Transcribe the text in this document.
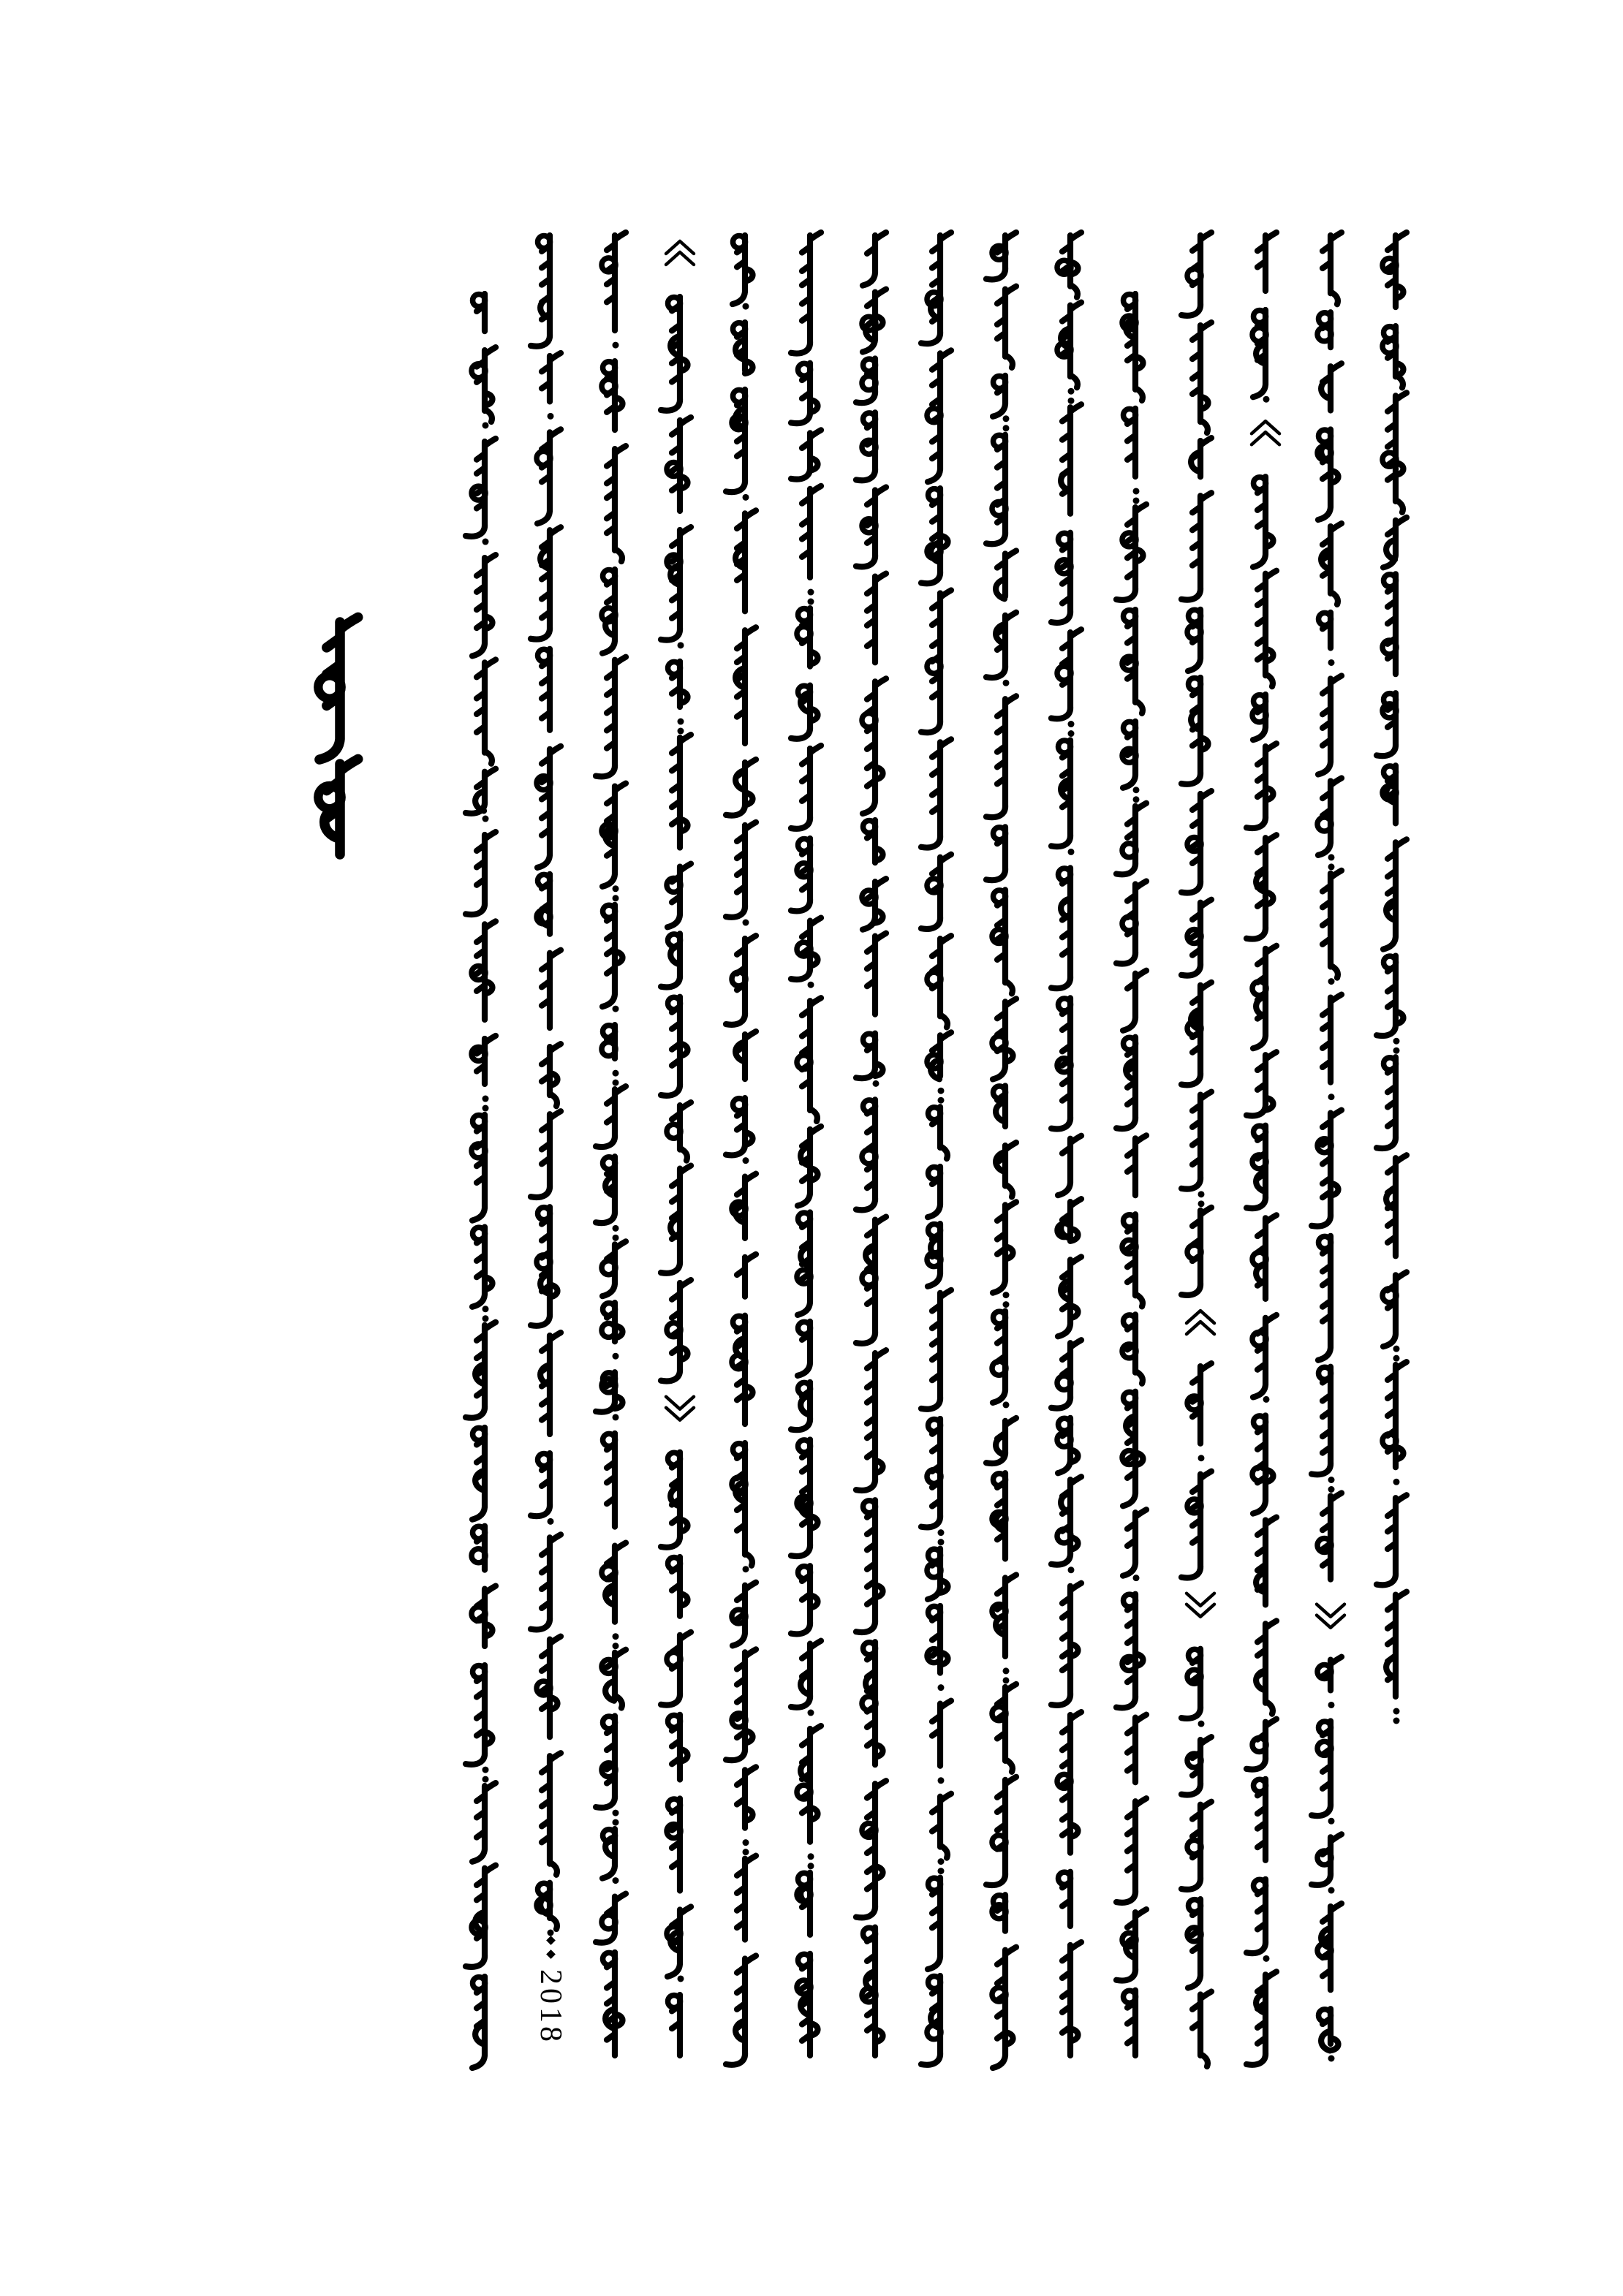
2018
